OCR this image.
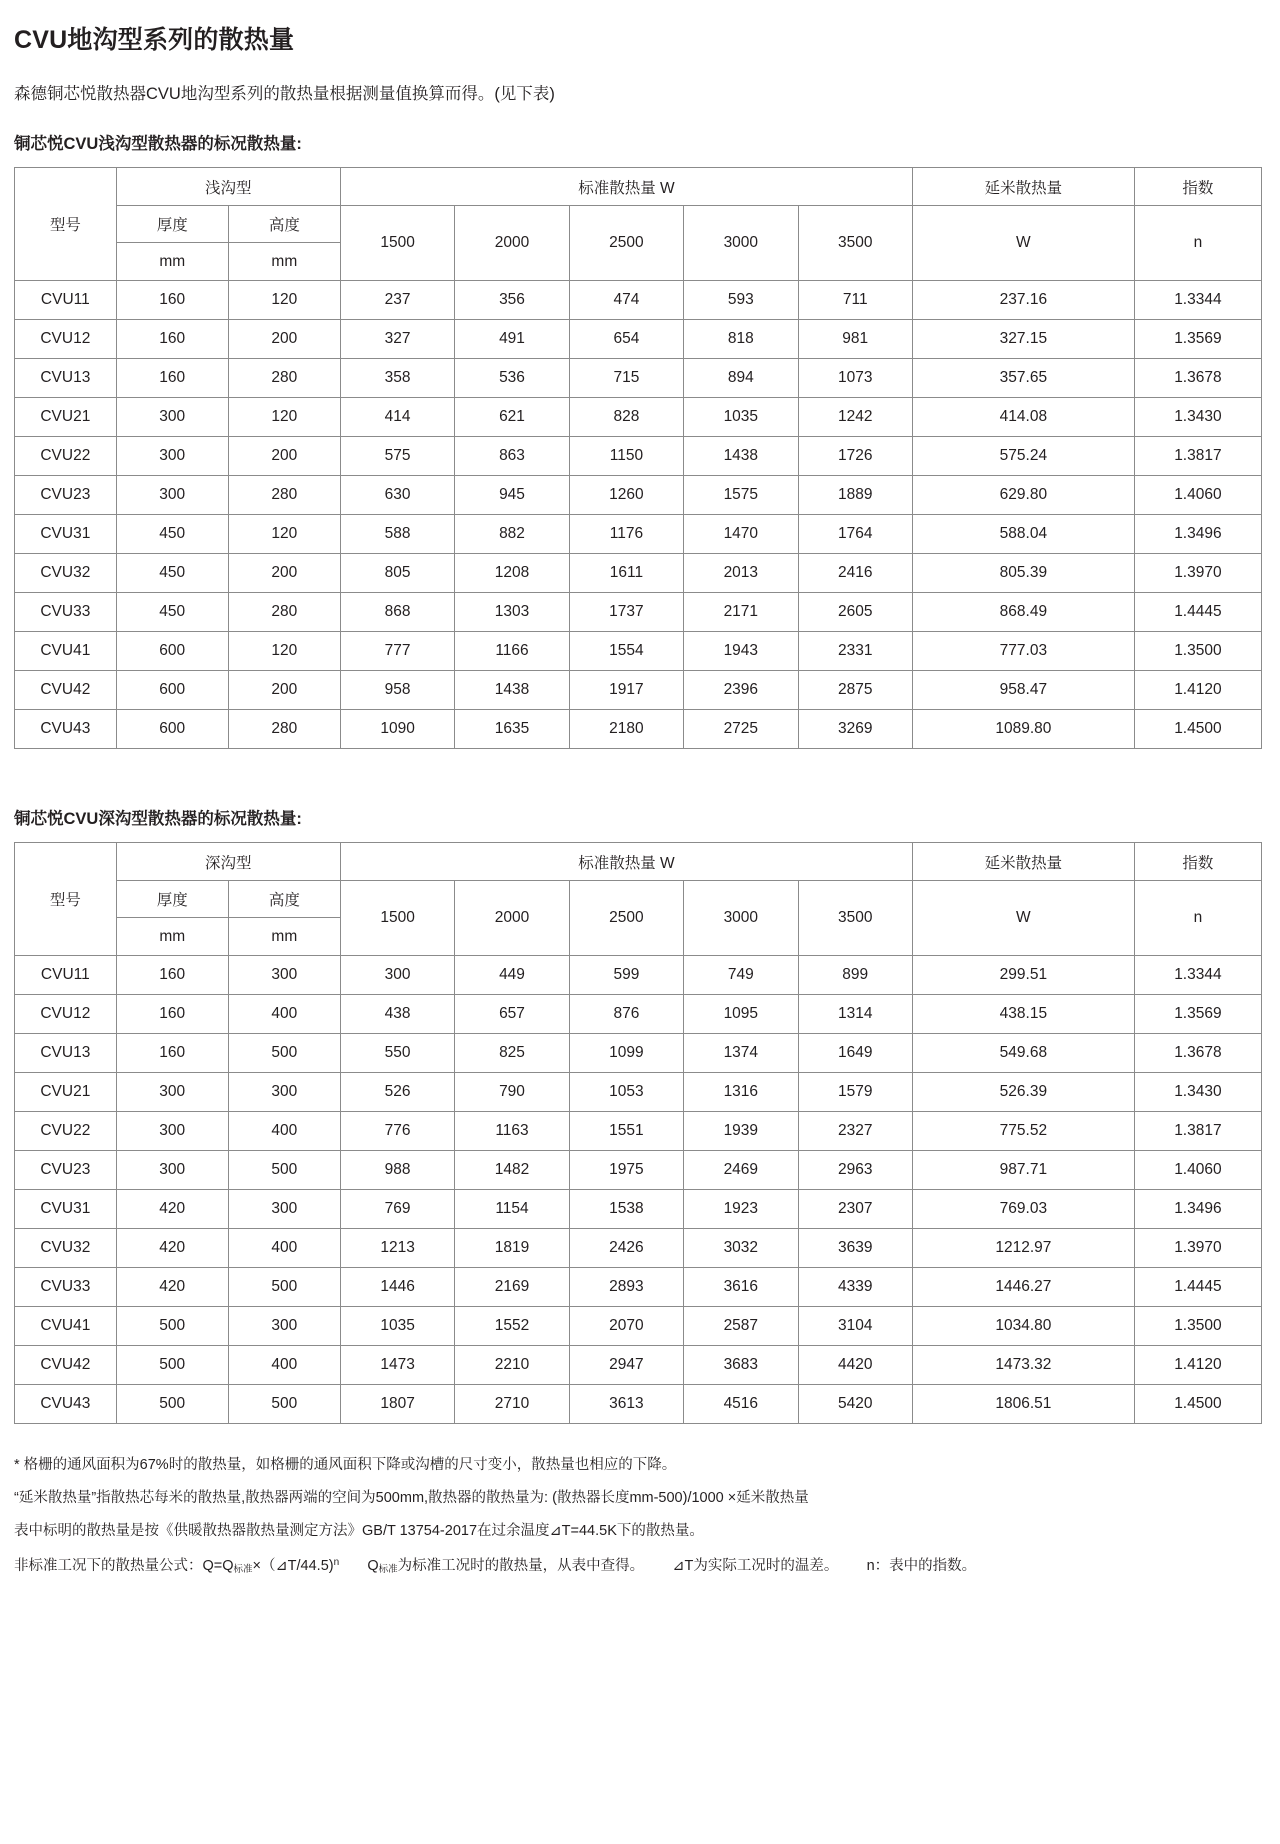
CVU地沟型系列的散热量

森德铜芯悦散热器CVU地沟型系列的散热量根据测量值换算而得。(见下表)

铜芯悦CVU浅沟型散热器的标况散热量:
型号	浅沟型		标准散热量 W					延米散热量	指数
	厚度	高度	1500	2000	2500	3000	3500	W	n
	mm	mm							
CVU11	160	120	237	356	474	593	711	237.16	1.3344
CVU12	160	200	327	491	654	818	981	327.15	1.3569
CVU13	160	280	358	536	715	894	1073	357.65	1.3678
CVU21	300	120	414	621	828	1035	1242	414.08	1.3430
CVU22	300	200	575	863	1150	1438	1726	575.24	1.3817
CVU23	300	280	630	945	1260	1575	1889	629.80	1.4060
CVU31	450	120	588	882	1176	1470	1764	588.04	1.3496
CVU32	450	200	805	1208	1611	2013	2416	805.39	1.3970
CVU33	450	280	868	1303	1737	2171	2605	868.49	1.4445
CVU41	600	120	777	1166	1554	1943	2331	777.03	1.3500
CVU42	600	200	958	1438	1917	2396	2875	958.47	1.4120
CVU43	600	280	1090	1635	2180	2725	3269	1089.80	1.4500
铜芯悦CVU深沟型散热器的标况散热量:
型号	深沟型		标准散热量 W					延米散热量	指数
	厚度	高度	1500	2000	2500	3000	3500	W	n
	mm	mm							
CVU11	160	300	300	449	599	749	899	299.51	1.3344
CVU12	160	400	438	657	876	1095	1314	438.15	1.3569
CVU13	160	500	550	825	1099	1374	1649	549.68	1.3678
CVU21	300	300	526	790	1053	1316	1579	526.39	1.3430
CVU22	300	400	776	1163	1551	1939	2327	775.52	1.3817
CVU23	300	500	988	1482	1975	2469	2963	987.71	1.4060
CVU31	420	300	769	1154	1538	1923	2307	769.03	1.3496
CVU32	420	400	1213	1819	2426	3032	3639	1212.97	1.3970
CVU33	420	500	1446	2169	2893	3616	4339	1446.27	1.4445
CVU41	500	300	1035	1552	2070	2587	3104	1034.80	1.3500
CVU42	500	400	1473	2210	2947	3683	4420	1473.32	1.4120
CVU43	500	500	1807	2710	3613	4516	5420	1806.51	1.4500

* 格栅的通风面积为67%时的散热量，如格栅的通风面积下降或沟槽的尺寸变小，散热量也相应的下降。

“延米散热量”指散热芯每米的散热量,散热器两端的空间为500mm,散热器的散热量为: (散热器长度mm-500)/1000 ×延米散热量

表中标明的散热量是按《供暖散热器散热量测定方法》GB/T 13754-2017在过余温度⊿T=44.5K下的散热量。

非标准工况下的散热量公式：$Q=Q_{标准}\times(⊿T/44.5)^n$ $Q_{标准}$为标准工况时的散热量，从表中查得。 ⊿T为实际工况时的温差。 n：表中的指数。
